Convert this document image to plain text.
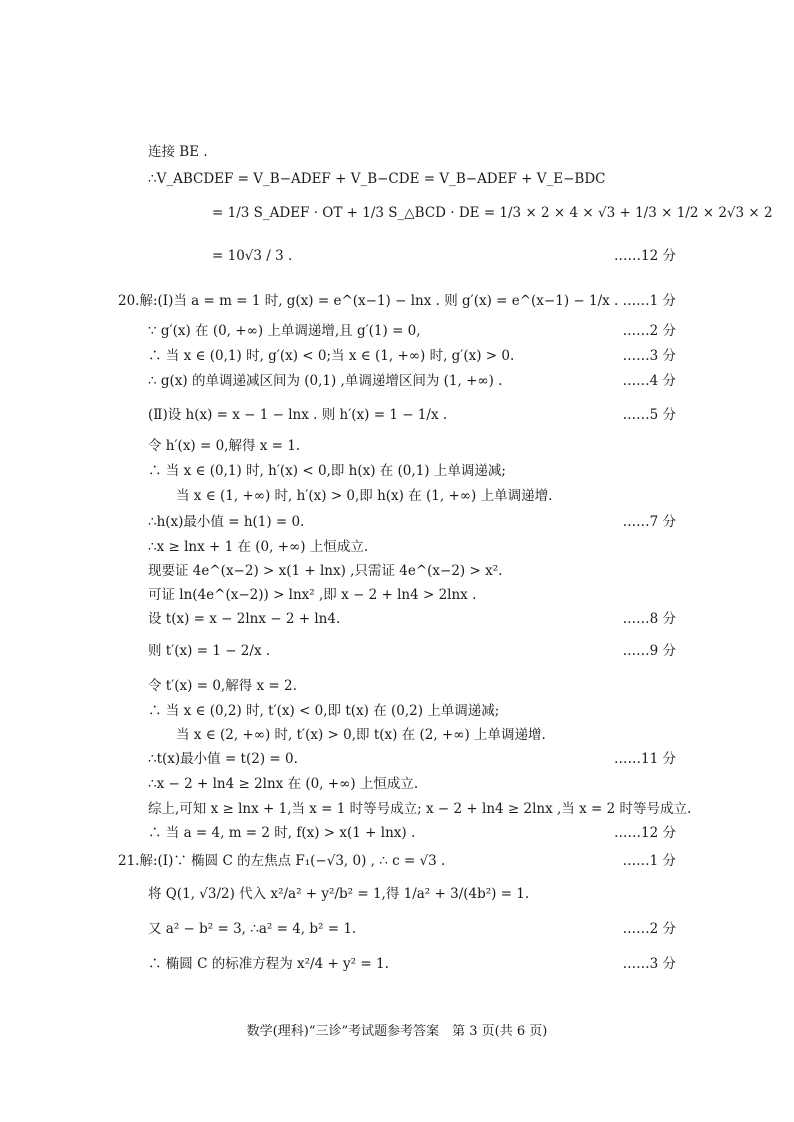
连接 BE .
∴V_ABCDEF = V_B−ADEF + V_B−CDE = V_B−ADEF + V_E−BDC
= 1/3 S_ADEF · OT + 1/3 S_△BCD · DE = 1/3 × 2 × 4 × √3 + 1/3 × 1/2 × 2√3 × 2
= 10√3 / 3 .	……12 分
20.解:(Ⅰ)当 a = m = 1 时, g(x) = e^(x−1) − lnx . 则 g′(x) = e^(x−1) − 1/x . ……1 分
∵ g′(x) 在 (0, +∞) 上单调递增,且 g′(1) = 0,	……2 分
∴ 当 x ∈ (0,1) 时, g′(x) < 0;当 x ∈ (1, +∞) 时, g′(x) > 0.	……3 分
∴ g(x) 的单调递减区间为 (0,1) ,单调递增区间为 (1, +∞) .	……4 分
(Ⅱ)设 h(x) = x − 1 − lnx . 则 h′(x) = 1 − 1/x .	……5 分
令 h′(x) = 0,解得 x = 1.
∴ 当 x ∈ (0,1) 时, h′(x) < 0,即 h(x) 在 (0,1) 上单调递减;
当 x ∈ (1, +∞) 时, h′(x) > 0,即 h(x) 在 (1, +∞) 上单调递增.
∴h(x)最小值 = h(1) = 0.	……7 分
∴x ≥ lnx + 1 在 (0, +∞) 上恒成立.
现要证 4e^(x−2) > x(1 + lnx) ,只需证 4e^(x−2) > x².
可证 ln(4e^(x−2)) > lnx² ,即 x − 2 + ln4 > 2lnx .
设 t(x) = x − 2lnx − 2 + ln4.	……8 分
则 t′(x) = 1 − 2/x .	……9 分
令 t′(x) = 0,解得 x = 2.
∴ 当 x ∈ (0,2) 时, t′(x) < 0,即 t(x) 在 (0,2) 上单调递减;
当 x ∈ (2, +∞) 时, t′(x) > 0,即 t(x) 在 (2, +∞) 上单调递增.
∴t(x)最小值 = t(2) = 0.	……11 分
∴x − 2 + ln4 ≥ 2lnx 在 (0, +∞) 上恒成立.
综上,可知 x ≥ lnx + 1,当 x = 1 时等号成立; x − 2 + ln4 ≥ 2lnx ,当 x = 2 时等号成立.
∴ 当 a = 4, m = 2 时, f(x) > x(1 + lnx) .	……12 分
21.解:(Ⅰ)∵ 椭圆 C 的左焦点 F₁(−√3, 0) , ∴ c = √3 .	……1 分
将 Q(1, √3/2) 代入 x²/a² + y²/b² = 1,得 1/a² + 3/(4b²) = 1.
又 a² − b² = 3, ∴a² = 4, b² = 1.	……2 分
∴ 椭圆 C 的标准方程为 x²/4 + y² = 1.	……3 分
数学(理科)“三诊”考试题参考答案　第 3 页(共 6 页)
